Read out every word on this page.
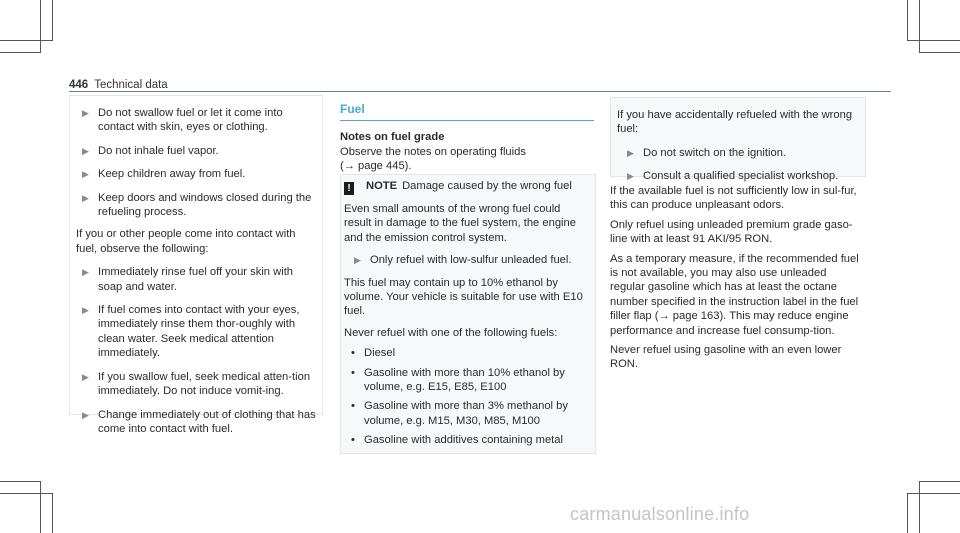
446 Technical data
▶ Do not swallow fuel or let it come into contact with skin, eyes or clothing.
▶ Do not inhale fuel vapor.
▶ Keep children away from fuel.
▶ Keep doors and windows closed during the refueling process.

If you or other people come into contact with fuel, observe the following:

▶ Immediately rinse fuel off your skin with soap and water.
▶ If fuel comes into contact with your eyes, immediately rinse them thor-oughly with clean water. Seek medical attention immediately.
▶ If you swallow fuel, seek medical atten-tion immediately. Do not induce vomit-ing.
▶ Change immediately out of clothing that has come into contact with fuel.
Fuel

Notes on fuel grade

Observe the notes on operating fluids

(→ page 445).

! NOTE Damage caused by the wrong fuel

Even small amounts of the wrong fuel could result in damage to the fuel system, the engine and the emission control system.

▶ Only refuel with low-sulfur unleaded fuel.

This fuel may contain up to 10% ethanol by volume. Your vehicle is suitable for use with E10 fuel.

Never refuel with one of the following fuels:

• Diesel
• Gasoline with more than 10% ethanol by volume, e.g. E15, E85, E100
• Gasoline with more than 3% methanol by volume, e.g. M15, M30, M85, M100
• Gasoline with additives containing metal

If you have accidentally refueled with the wrong fuel:

▶ Do not switch on the ignition.
▶ Consult a qualified specialist workshop.

If the available fuel is not sufficiently low in sul-fur, this can produce unpleasant odors.

Only refuel using unleaded premium grade gaso-line with at least 91 AKI/95 RON.

As a temporary measure, if the recommended fuel is not available, you may also use unleaded regular gasoline which has at least the octane number specified in the instruction label in the fuel filler flap (→ page 163). This may reduce engine performance and increase fuel consump-tion.

Never refuel using gasoline with an even lower RON.

carmanualsonline.info
